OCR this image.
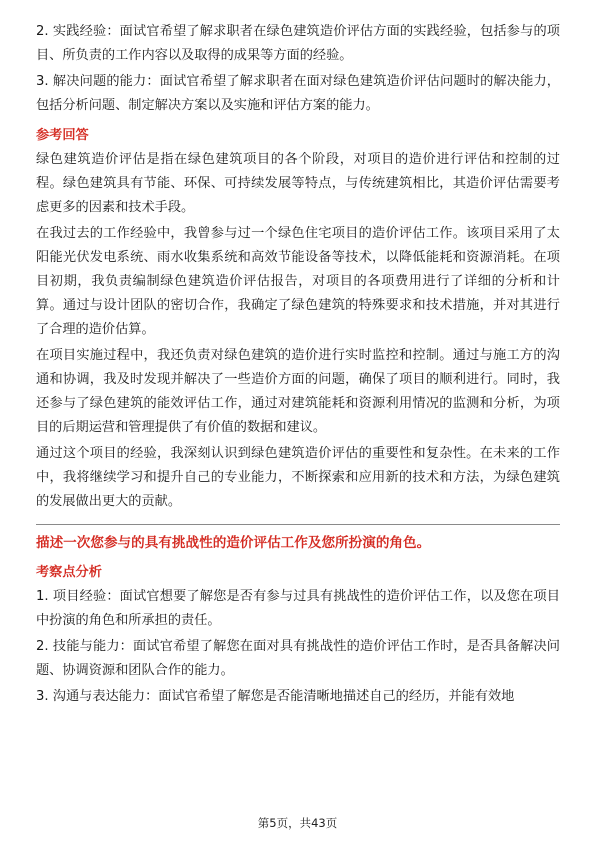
2. 实践经验：面试官希望了解求职者在绿色建筑造价评估方面的实践经验，包括参与的项目、所负责的工作内容以及取得的成果等方面的经验。

3. 解决问题的能力：面试官希望了解求职者在面对绿色建筑造价评估问题时的解决能力，包括分析问题、制定解决方案以及实施和评估方案的能力。

参考回答

绿色建筑造价评估是指在绿色建筑项目的各个阶段，对项目的造价进行评估和控制的过程。绿色建筑具有节能、环保、可持续发展等特点，与传统建筑相比，其造价评估需要考虑更多的因素和技术手段。

在我过去的工作经验中，我曾参与过一个绿色住宅项目的造价评估工作。该项目采用了太阳能光伏发电系统、雨水收集系统和高效节能设备等技术，以降低能耗和资源消耗。在项目初期，我负责编制绿色建筑造价评估报告，对项目的各项费用进行了详细的分析和计算。通过与设计团队的密切合作，我确定了绿色建筑的特殊要求和技术措施，并对其进行了合理的造价估算。

在项目实施过程中，我还负责对绿色建筑的造价进行实时监控和控制。通过与施工方的沟通和协调，我及时发现并解决了一些造价方面的问题，确保了项目的顺利进行。同时，我还参与了绿色建筑的能效评估工作，通过对建筑能耗和资源利用情况的监测和分析，为项目的后期运营和管理提供了有价值的数据和建议。

通过这个项目的经验，我深刻认识到绿色建筑造价评估的重要性和复杂性。在未来的工作中，我将继续学习和提升自己的专业能力，不断探索和应用新的技术和方法，为绿色建筑的发展做出更大的贡献。

描述一次您参与的具有挑战性的造价评估工作及您所扮演的角色。
考察点分析

1. 项目经验：面试官想要了解您是否有参与过具有挑战性的造价评估工作，以及您在项目中扮演的角色和所承担的责任。

2. 技能与能力：面试官希望了解您在面对具有挑战性的造价评估工作时，是否具备解决问题、协调资源和团队合作的能力。

3. 沟通与表达能力：面试官希望了解您是否能清晰地描述自己的经历，并能有效地

第5页，共43页
